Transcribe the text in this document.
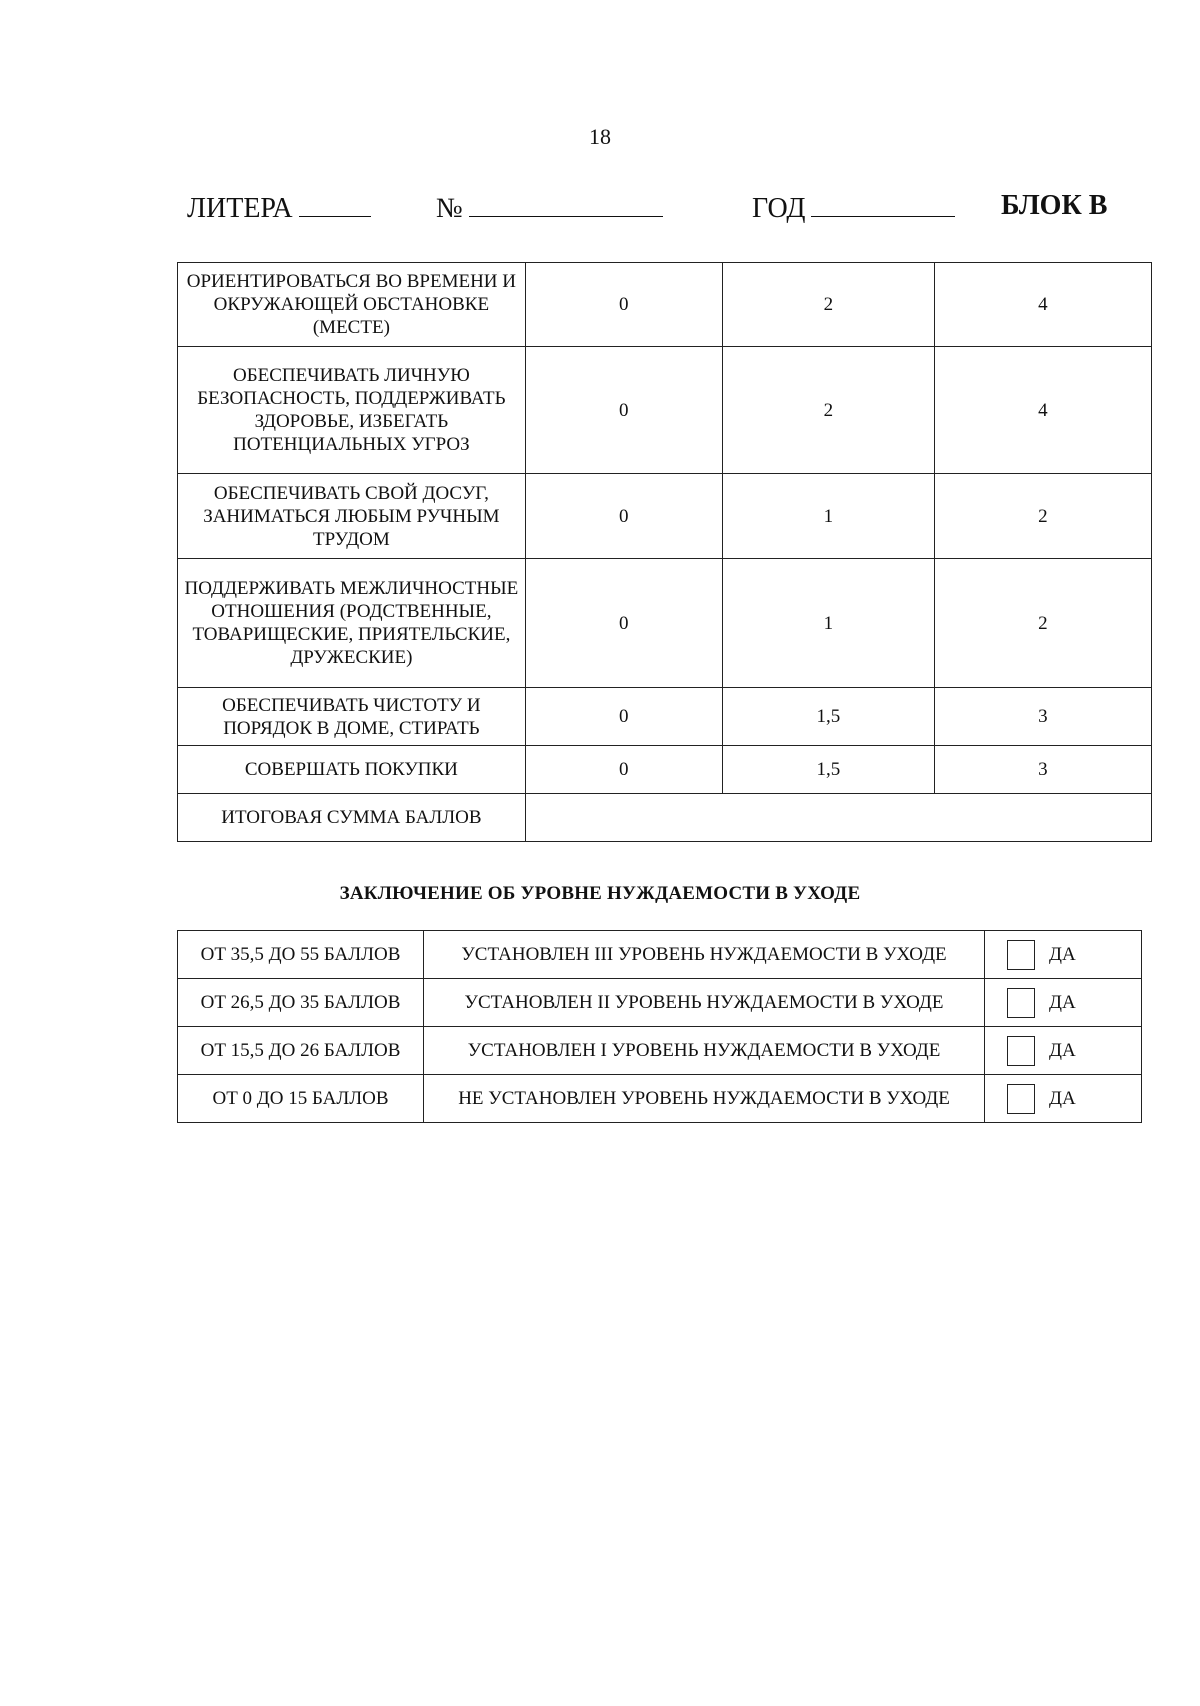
18
ЛИТЕРА	№	ГОД	БЛОК В
ОРИЕНТИРОВАТЬСЯ ВО ВРЕМЕНИ И ОКРУЖАЮЩЕЙ ОБСТАНОВКЕ (МЕСТЕ)	0	2	4
ОБЕСПЕЧИВАТЬ ЛИЧНУЮ БЕЗОПАСНОСТЬ, ПОДДЕРЖИВАТЬ ЗДОРОВЬЕ, ИЗБЕГАТЬ ПОТЕНЦИАЛЬНЫХ УГРОЗ	0	2	4
ОБЕСПЕЧИВАТЬ СВОЙ ДОСУГ, ЗАНИМАТЬСЯ ЛЮБЫМ РУЧНЫМ ТРУДОМ	0	1	2
ПОДДЕРЖИВАТЬ МЕЖЛИЧНОСТНЫЕ ОТНОШЕНИЯ (РОДСТВЕННЫЕ, ТОВАРИЩЕСКИЕ, ПРИЯТЕЛЬСКИЕ, ДРУЖЕСКИЕ)	0	1	2
ОБЕСПЕЧИВАТЬ ЧИСТОТУ И ПОРЯДОК В ДОМЕ, СТИРАТЬ	0	1,5	3
СОВЕРШАТЬ ПОКУПКИ	0	1,5	3
ИТОГОВАЯ СУММА БАЛЛОВ			
ЗАКЛЮЧЕНИЕ ОБ УРОВНЕ НУЖДАЕМОСТИ В УХОДЕ
ОТ 35,5 ДО 55 БАЛЛОВ	УСТАНОВЛЕН III УРОВЕНЬ НУЖДАЕМОСТИ В УХОДЕ	ДА
ОТ 26,5 ДО 35 БАЛЛОВ	УСТАНОВЛЕН II УРОВЕНЬ НУЖДАЕМОСТИ В УХОДЕ	ДА
ОТ 15,5 ДО 26 БАЛЛОВ	УСТАНОВЛЕН I УРОВЕНЬ НУЖДАЕМОСТИ В УХОДЕ	ДА
ОТ 0 ДО 15 БАЛЛОВ	НЕ УСТАНОВЛЕН УРОВЕНЬ НУЖДАЕМОСТИ В УХОДЕ	ДА
